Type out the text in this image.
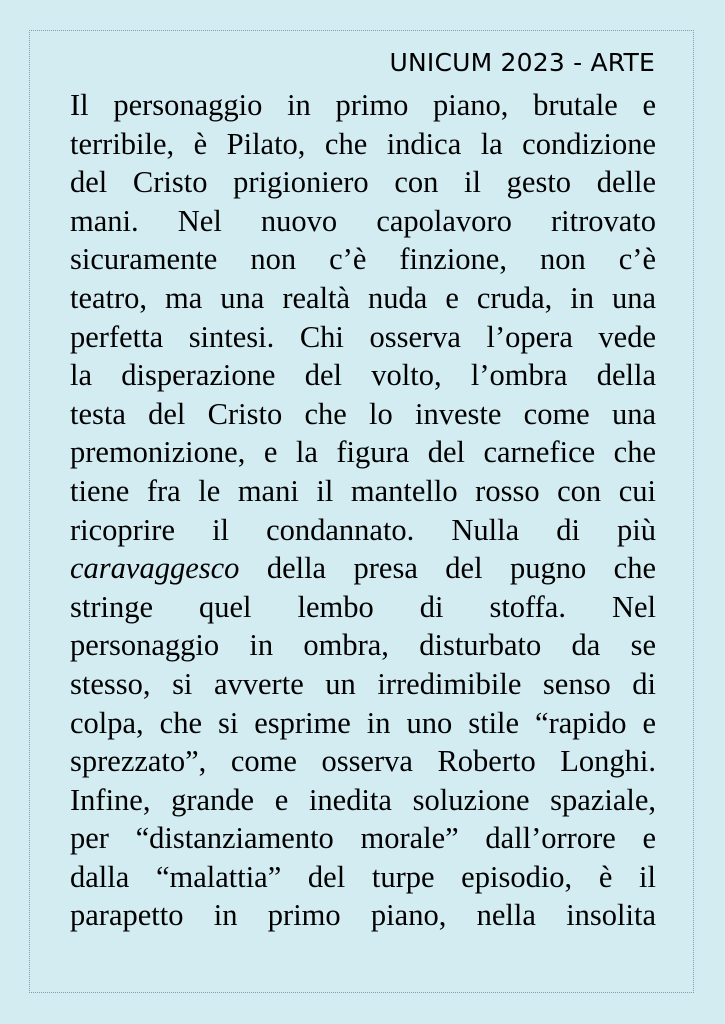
UNICUM 2023 - ARTE
Il personaggio in primo piano, brutale e
terribile, è Pilato, che indica la condizione
del Cristo prigioniero con il gesto delle
mani. Nel nuovo capolavoro ritrovato
sicuramente non c’è finzione, non c’è
teatro, ma una realtà nuda e cruda, in una
perfetta sintesi. Chi osserva l’opera vede
la disperazione del volto, l’ombra della
testa del Cristo che lo investe come una
premonizione, e la figura del carnefice che
tiene fra le mani il mantello rosso con cui
ricoprire il condannato. Nulla di più
caravaggesco della presa del pugno che
stringe quel lembo di stoffa. Nel
personaggio in ombra, disturbato da se
stesso, si avverte un irredimibile senso di
colpa, che si esprime in uno stile “rapido e
sprezzato”, come osserva Roberto Longhi.
Infine, grande e inedita soluzione spaziale,
per “distanziamento morale” dall’orrore e
dalla “malattia” del turpe episodio, è il
parapetto in primo piano, nella insolita
